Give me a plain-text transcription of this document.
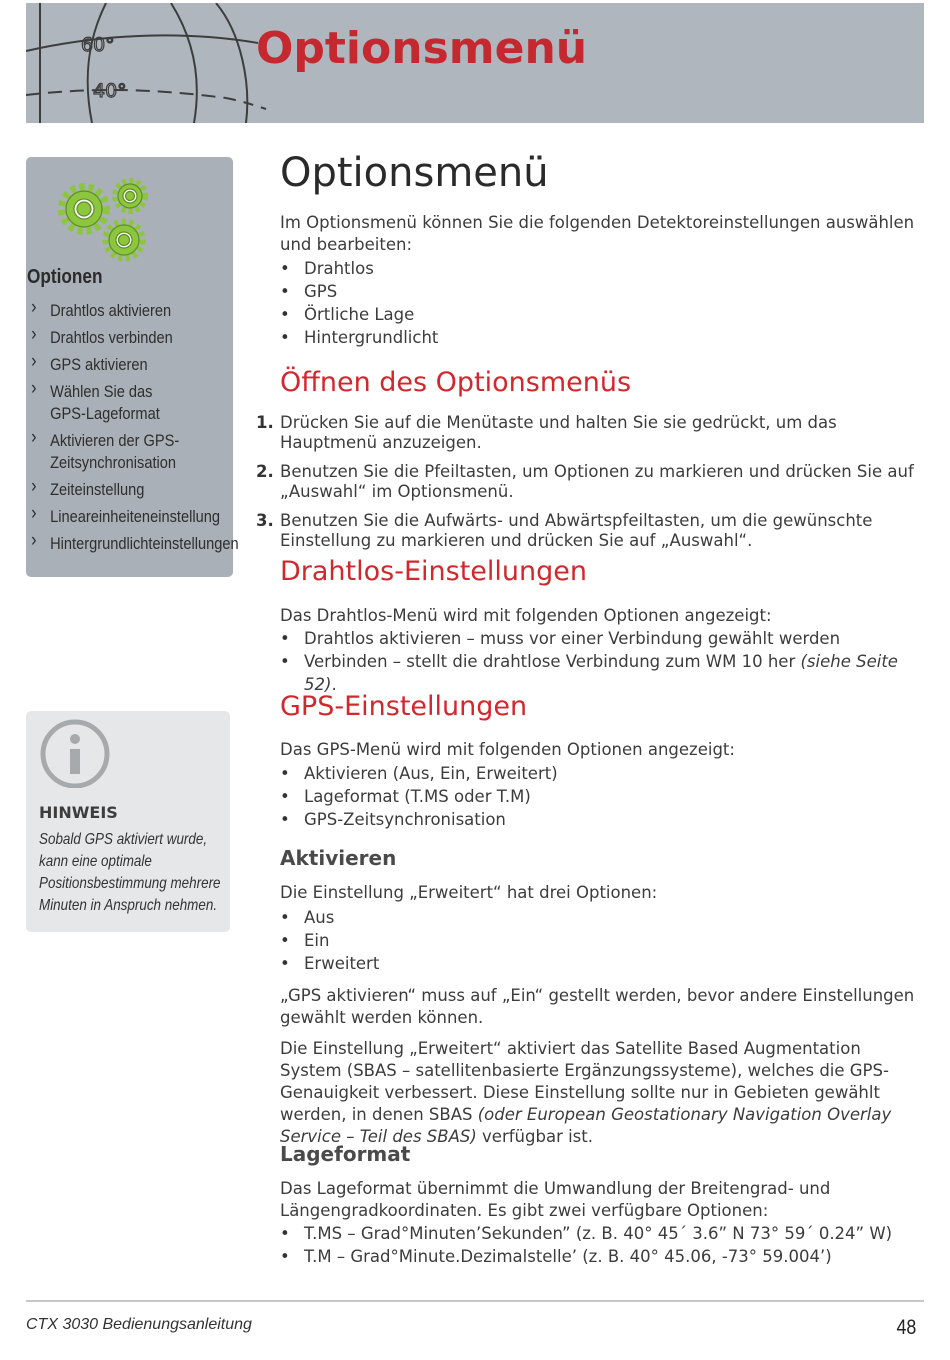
60°
40°
Optionsmenü
Optionen
› Drahtlos aktivieren
› Drahtlos verbinden
› GPS aktivieren
› Wählen Sie das GPS-Lageformat
› Aktivieren der GPS-Zeitsynchronisation
› Zeiteinstellung
› Lineareinheiteneinstellung
› Hintergrundlichteinstellungen
HINWEIS
Sobald GPS aktiviert wurde, kann eine optimale Positionsbestimmung mehrere Minuten in Anspruch nehmen.
Optionsmenü
Im Optionsmenü können Sie die folgenden Detektoreinstellungen auswählen und bearbeiten:
• Drahtlos
• GPS
• Örtliche Lage
• Hintergrundlicht
Öffnen des Optionsmenüs
1. Drücken Sie auf die Menütaste und halten Sie sie gedrückt, um das Hauptmenü anzuzeigen.
2. Benutzen Sie die Pfeiltasten, um Optionen zu markieren und drücken Sie auf „Auswahl“ im Optionsmenü.
3. Benutzen Sie die Aufwärts- und Abwärtspfeiltasten, um die gewünschte Einstellung zu markieren und drücken Sie auf „Auswahl“.
Drahtlos-Einstellungen
Das Drahtlos-Menü wird mit folgenden Optionen angezeigt:
• Drahtlos aktivieren – muss vor einer Verbindung gewählt werden
• Verbinden – stellt die drahtlose Verbindung zum WM 10 her (siehe Seite 52).
GPS-Einstellungen
Das GPS-Menü wird mit folgenden Optionen angezeigt:
• Aktivieren (Aus, Ein, Erweitert)
• Lageformat (T.MS oder T.M)
• GPS-Zeitsynchronisation
Aktivieren
Die Einstellung „Erweitert“ hat drei Optionen:
• Aus
• Ein
• Erweitert
„GPS aktivieren“ muss auf „Ein“ gestellt werden, bevor andere Einstellungen gewählt werden können.
Die Einstellung „Erweitert“ aktiviert das Satellite Based Augmentation System (SBAS – satellitenbasierte Ergänzungssysteme), welches die GPS-Genauigkeit verbessert. Diese Einstellung sollte nur in Gebieten gewählt werden, in denen SBAS (oder European Geostationary Navigation Overlay Service – Teil des SBAS) verfügbar ist.
Lageformat
Das Lageformat übernimmt die Umwandlung der Breitengrad- und Längengradkoordinaten. Es gibt zwei verfügbare Optionen:
• T.MS – Grad°Minuten’Sekunden” (z. B. 40° 45´ 3.6” N 73° 59´ 0.24” W)
• T.M – Grad°Minute.Dezimalstelle’ (z. B. 40° 45.06, -73° 59.004’)
CTX 3030 Bedienungsanleitung	48
